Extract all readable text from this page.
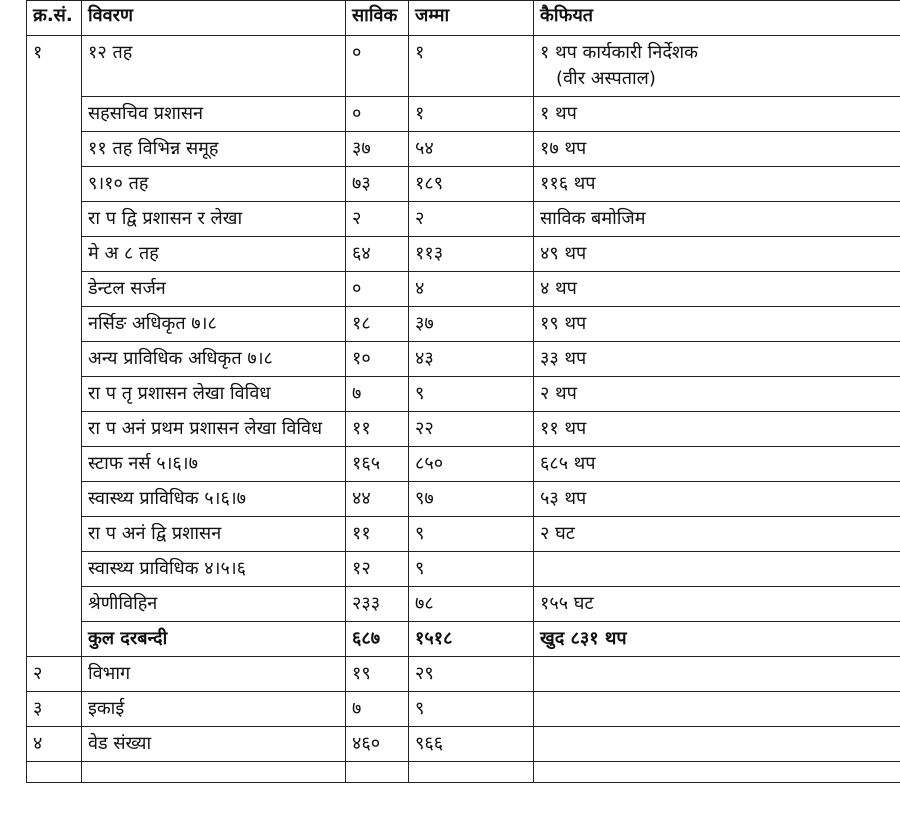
क्र.सं.	विवरण	साविक	जम्मा	कैफियत
१	१२ तह	०	१	१ थप कार्यकारी निर्देशक
(वीर अस्पताल)

	सहसचिव प्रशासन	०	१	१ थप
	११ तह विभिन्न समूह	३७	५४	१७ थप
	९।१० तह	७३	१८९	११६ थप
	रा प द्वि प्रशासन र लेखा	२	२	साविक बमोजिम
	मे अ ८ तह	६४	११३	४९ थप
	डेन्टल सर्जन	०	४	४ थप
	नर्सिङ अधिकृत ७।८	१८	३७	१९ थप
	अन्य प्राविधिक अधिकृत ७।८	१०	४३	३३ थप
	रा प तृ प्रशासन लेखा विविध	७	९	२ थप
	रा प अनं प्रथम प्रशासन लेखा विविध	११	२२	११ थप
	स्टाफ नर्स ५।६।७	१६५	८५०	६८५ थप
	स्वास्थ्य प्राविधिक ५।६।७	४४	९७	५३ थप
	रा प अनं द्वि प्रशासन	११	९	२ घट
	स्वास्थ्य प्राविधिक ४।५।६	१२	९	
	श्रेणीविहिन	२३३	७८	१५५ घट
	कुल दरबन्दी	६८७	१५१८	खुद ८३१ थप
२	विभाग	१९	२९	
३	इकाई	७	९	
४	वेड संख्या	४६०	९६६	
